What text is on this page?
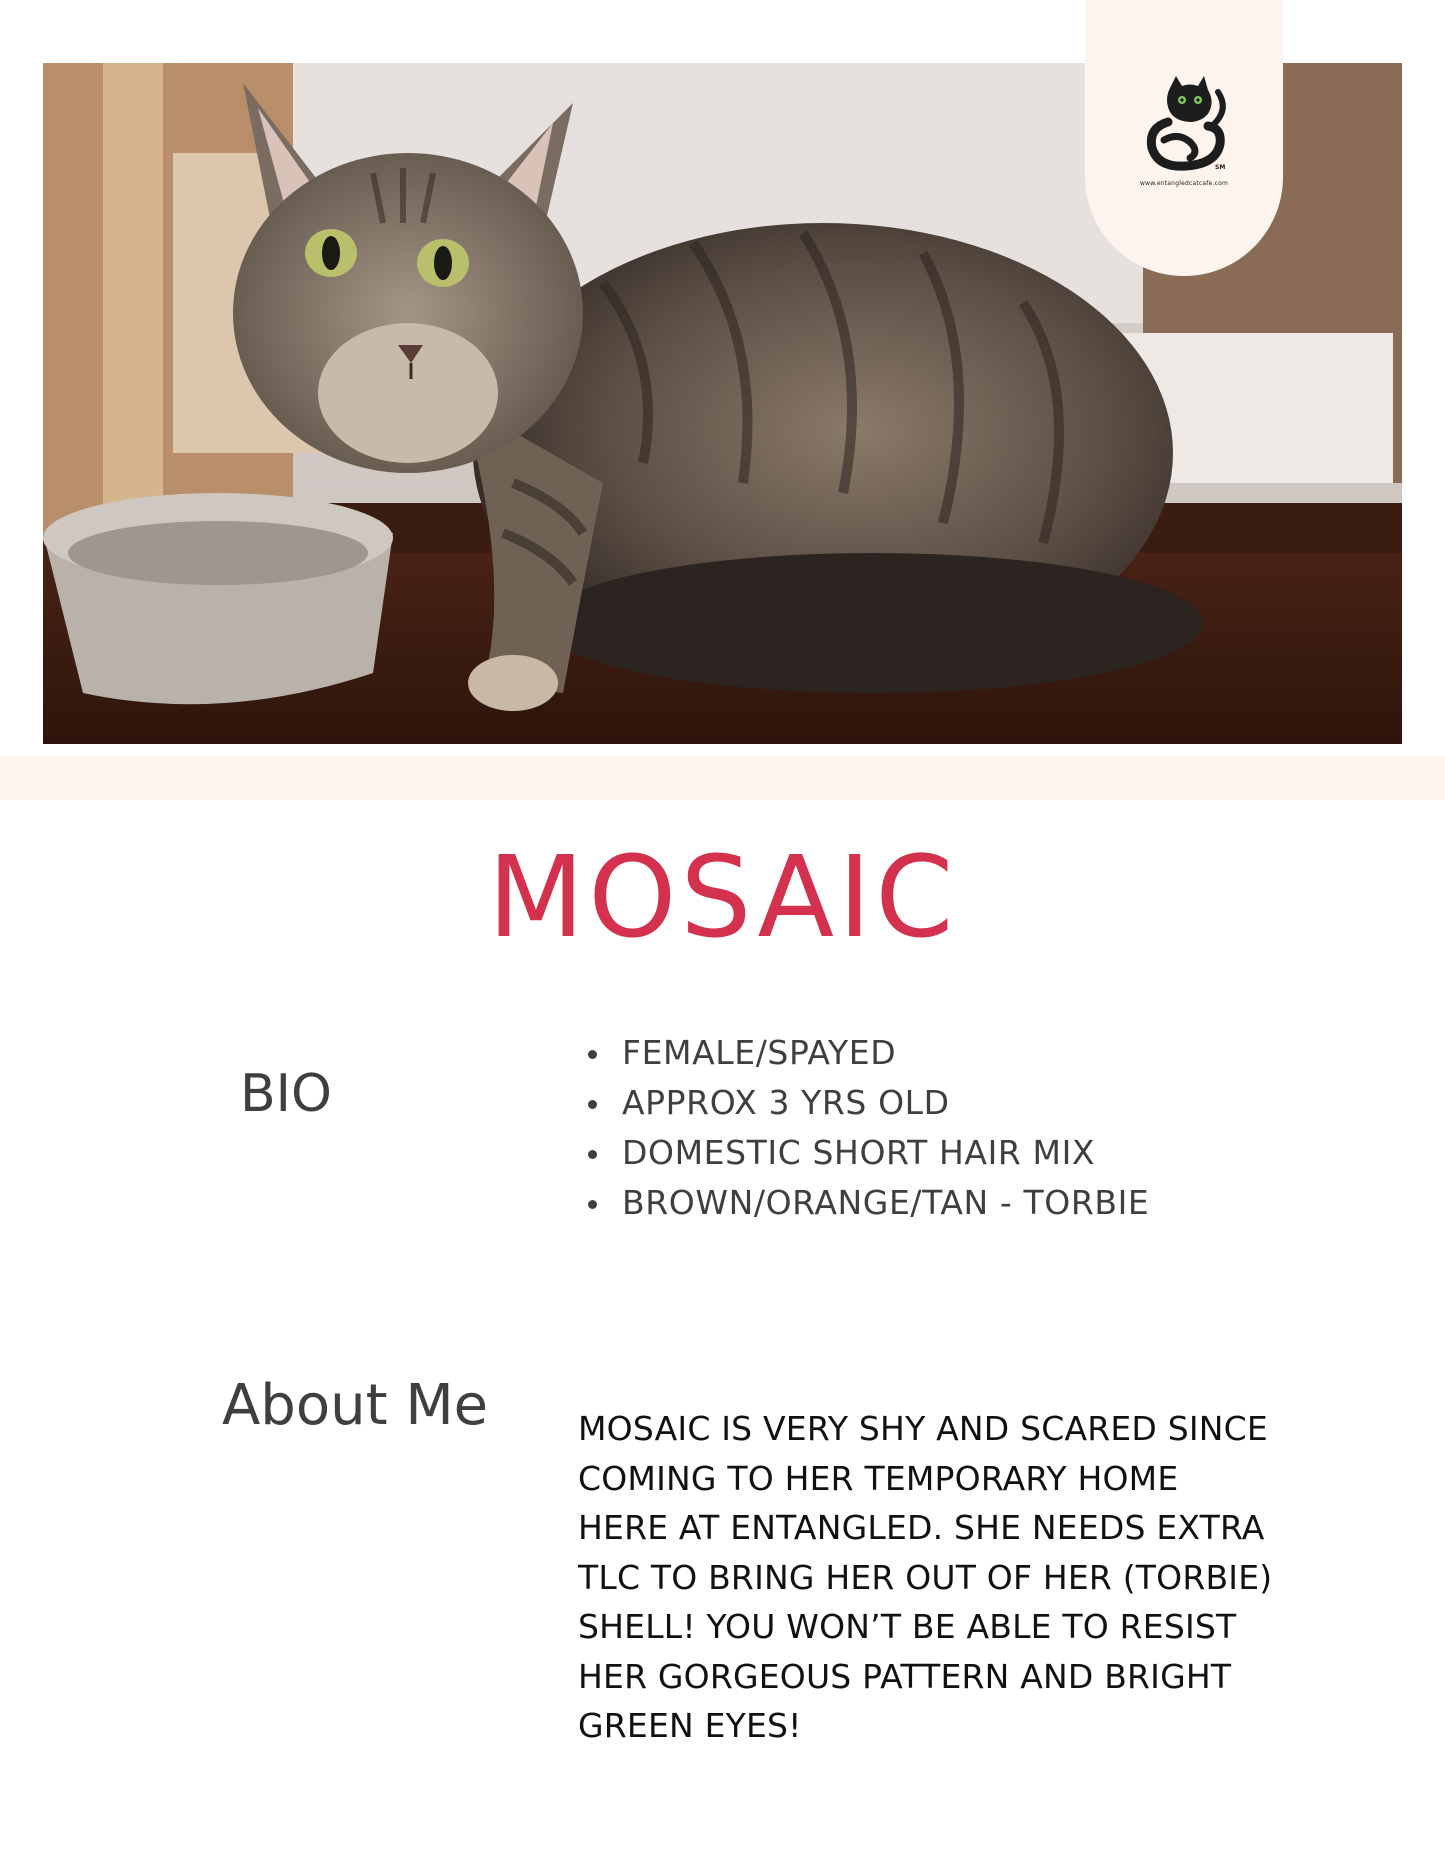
SM
www.entangledcatcafe.com
MOSAIC
BIO
FEMALE/SPAYED
APPROX 3 YRS OLD
DOMESTIC SHORT HAIR MIX
BROWN/ORANGE/TAN - TORBIE
About Me	MOSAIC IS VERY SHY AND SCARED SINCE
COMING TO HER TEMPORARY HOME
HERE AT ENTANGLED. SHE NEEDS EXTRA
TLC TO BRING HER OUT OF HER (TORBIE)
SHELL! YOU WON’T BE ABLE TO RESIST
HER GORGEOUS PATTERN AND BRIGHT
GREEN EYES!
